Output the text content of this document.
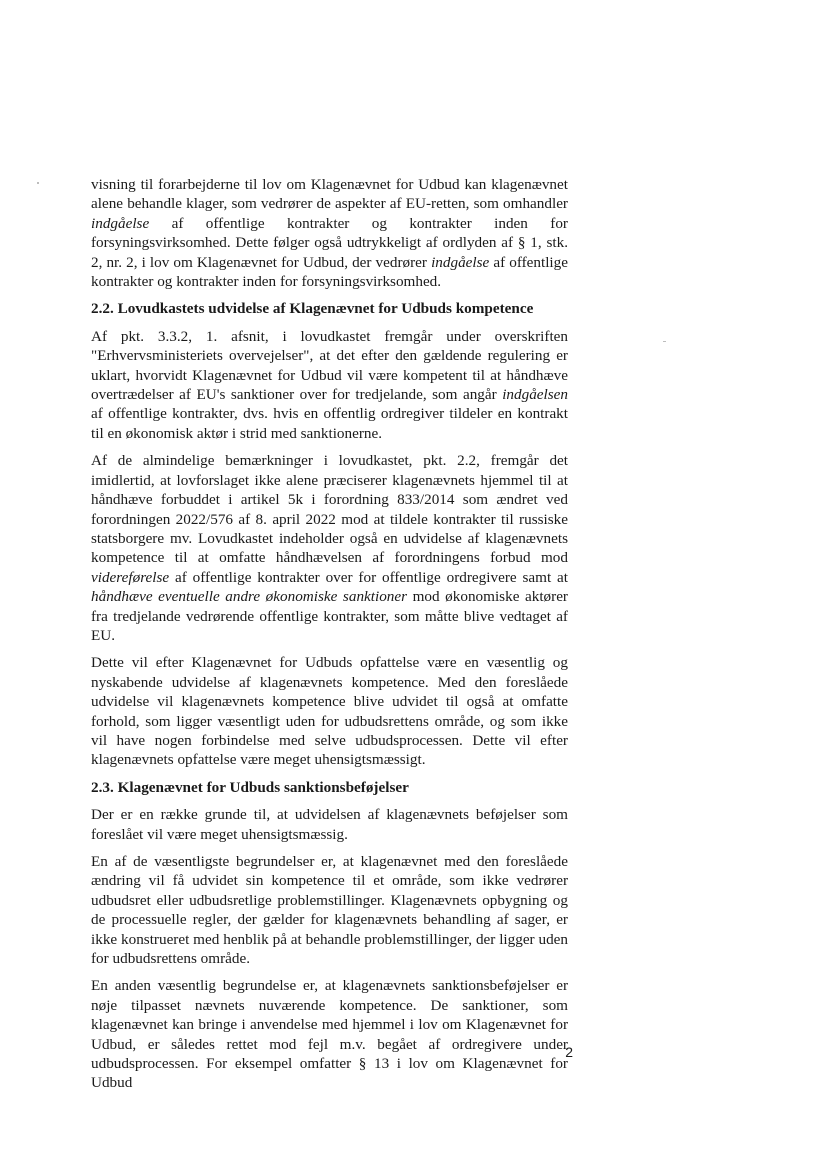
visning til forarbejderne til lov om Klagenævnet for Udbud kan klagenævnet alene behandle klager, som vedrører de aspekter af EU-retten, som omhandler indgåelse af offentlige kontrakter og kontrakter inden for forsyningsvirksomhed. Dette følger også udtrykkeligt af ordlyden af § 1, stk. 2, nr. 2, i lov om Klagenævnet for Udbud, der vedrører indgåelse af offentlige kontrakter og kontrakter inden for forsyningsvirksomhed.

2.2. Lovudkastets udvidelse af Klagenævnet for Udbuds kompetence

Af pkt. 3.3.2, 1. afsnit, i lovudkastet fremgår under overskriften "Erhvervsministeriets overvejelser", at det efter den gældende regulering er uklart, hvorvidt Klagenævnet for Udbud vil være kompetent til at håndhæve overtrædelser af EU's sanktioner over for tredjelande, som angår indgåelsen af offentlige kontrakter, dvs. hvis en offentlig ordregiver tildeler en kontrakt til en økonomisk aktør i strid med sanktionerne.

Af de almindelige bemærkninger i lovudkastet, pkt. 2.2, fremgår det imidlertid, at lovforslaget ikke alene præciserer klagenævnets hjemmel til at håndhæve forbuddet i artikel 5k i forordning 833/2014 som ændret ved forordningen 2022/576 af 8. april 2022 mod at tildele kontrakter til russiske statsborgere mv. Lovudkastet indeholder også en udvidelse af klagenævnets kompetence til at omfatte håndhævelsen af forordningens forbud mod videreførelse af offentlige kontrakter over for offentlige ordregivere samt at håndhæve eventuelle andre økonomiske sanktioner mod økonomiske aktører fra tredjelande vedrørende offentlige kontrakter, som måtte blive vedtaget af EU.

Dette vil efter Klagenævnet for Udbuds opfattelse være en væsentlig og nyskabende udvidelse af klagenævnets kompetence. Med den foreslåede udvidelse vil klagenævnets kompetence blive udvidet til også at omfatte forhold, som ligger væsentligt uden for udbudsrettens område, og som ikke vil have nogen forbindelse med selve udbudsprocessen. Dette vil efter klagenævnets opfattelse være meget uhensigtsmæssigt.

2.3. Klagenævnet for Udbuds sanktionsbeføjelser

Der er en række grunde til, at udvidelsen af klagenævnets beføjelser som foreslået vil være meget uhensigtsmæssig.

En af de væsentligste begrundelser er, at klagenævnet med den foreslåede ændring vil få udvidet sin kompetence til et område, som ikke vedrører udbudsret eller udbudsretlige problemstillinger. Klagenævnets opbygning og de processuelle regler, der gælder for klagenævnets behandling af sager, er ikke konstrueret med henblik på at behandle problemstillinger, der ligger uden for udbudsrettens område.

En anden væsentlig begrundelse er, at klagenævnets sanktionsbeføjelser er nøje tilpasset nævnets nuværende kompetence. De sanktioner, som klagenævnet kan bringe i anvendelse med hjemmel i lov om Klagenævnet for Udbud, er således rettet mod fejl m.v. begået af ordregivere under udbudsprocessen. For eksempel omfatter § 13 i lov om Klagenævnet for Udbud

2
